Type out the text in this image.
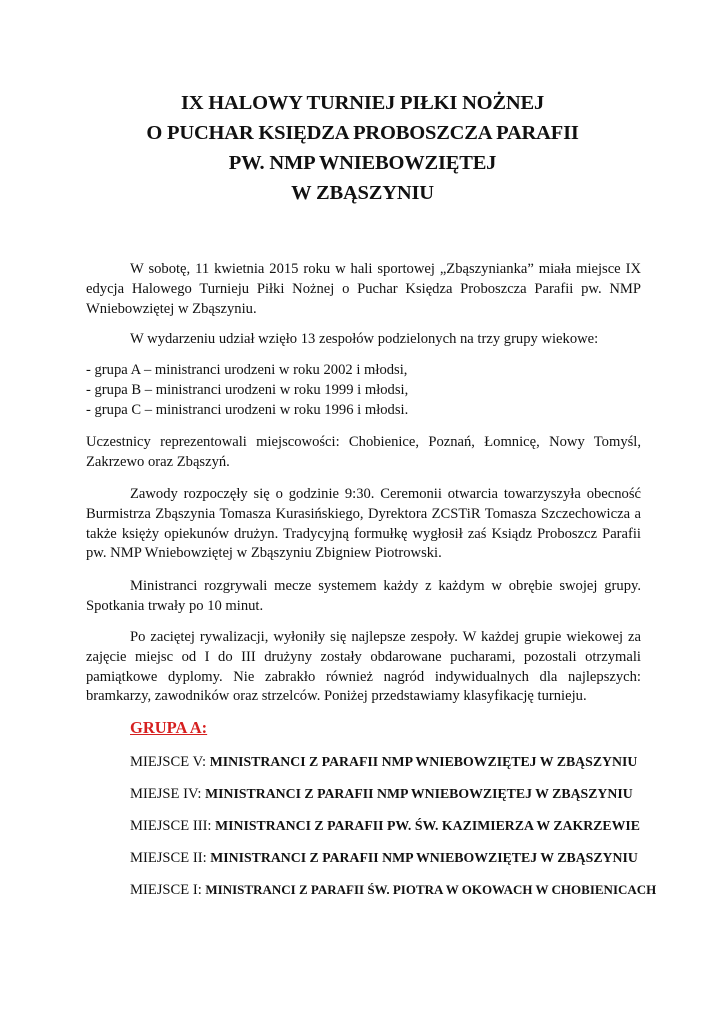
IX HALOWY TURNIEJ PIŁKI NOŻNEJ
O PUCHAR KSIĘDZA PROBOSZCZA PARAFII
PW. NMP WNIEBOWZIĘTEJ
W ZBĄSZYNIU

W sobotę, 11 kwietnia 2015 roku w hali sportowej „Zbąszynianka” miała miejsce IX edycja Halowego Turnieju Piłki Nożnej o Puchar Księdza Proboszcza Parafii pw. NMP Wniebowziętej w Zbąszyniu.

W wydarzeniu udział wzięło 13 zespołów podzielonych na trzy grupy wiekowe:

- grupa A – ministranci urodzeni w roku 2002 i młodsi,
- grupa B – ministranci urodzeni w roku 1999 i młodsi,
- grupa C – ministranci urodzeni w roku 1996 i młodsi.

Uczestnicy reprezentowali miejscowości: Chobienice, Poznań, Łomnicę, Nowy Tomyśl, Zakrzewo oraz Zbąszyń.

Zawody rozpoczęły się o godzinie 9:30. Ceremonii otwarcia towarzyszyła obecność Burmistrza Zbąszynia Tomasza Kurasińskiego, Dyrektora ZCSTiR Tomasza Szczechowicza a także księży opiekunów drużyn. Tradycyjną formułkę wygłosił zaś Ksiądz Proboszcz Parafii pw. NMP Wniebowziętej w Zbąszyniu Zbigniew Piotrowski.

Ministranci rozgrywali mecze systemem każdy z każdym w obrębie swojej grupy. Spotkania trwały po 10 minut.

Po zaciętej rywalizacji, wyłoniły się najlepsze zespoły. W każdej grupie wiekowej za zajęcie miejsc od I do III drużyny zostały obdarowane pucharami, pozostali otrzymali pamiątkowe dyplomy. Nie zabrakło również nagród indywidualnych dla najlepszych: bramkarzy, zawodników oraz strzelców. Poniżej przedstawiamy klasyfikację turnieju.

GRUPA A:
MIEJSCE V: MINISTRANCI Z PARAFII NMP WNIEBOWZIĘTEJ W ZBĄSZYNIU
MIEJSE IV: MINISTRANCI Z PARAFII NMP WNIEBOWZIĘTEJ W ZBĄSZYNIU
MIEJSCE III: MINISTRANCI Z PARAFII PW. ŚW. KAZIMIERZA W ZAKRZEWIE
MIEJSCE II: MINISTRANCI Z PARAFII NMP WNIEBOWZIĘTEJ W ZBĄSZYNIU
MIEJSCE I: MINISTRANCI Z PARAFII ŚW. PIOTRA W OKOWACH W CHOBIENICACH
